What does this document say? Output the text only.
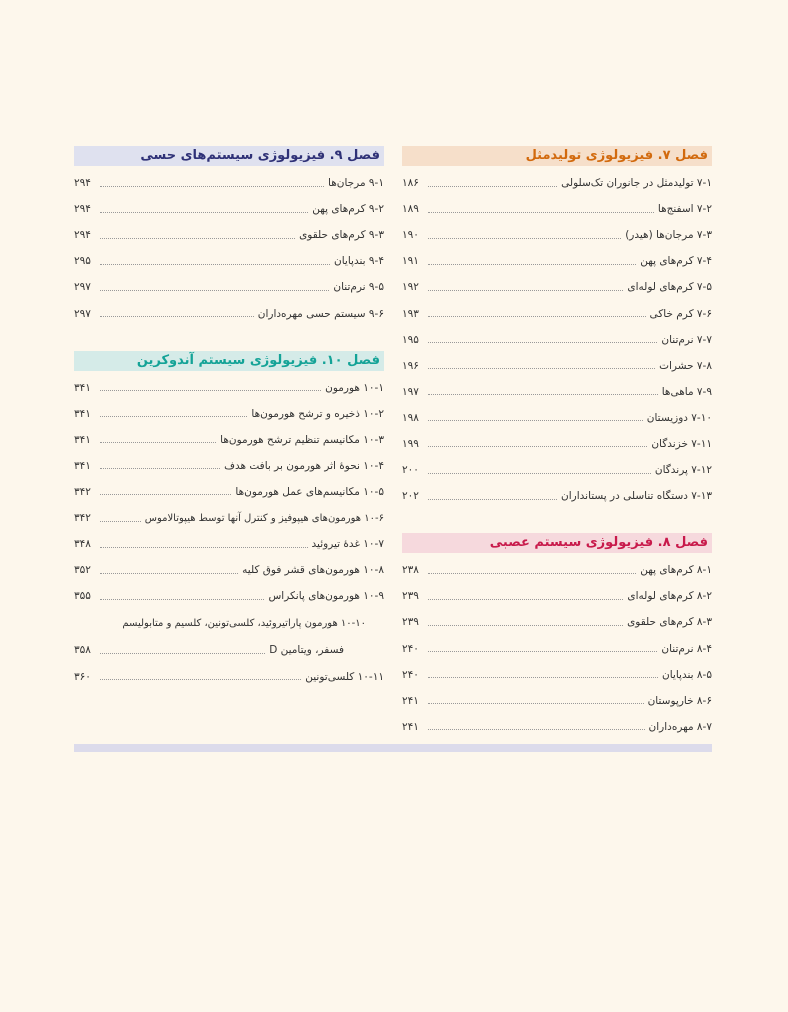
فصل ۷. فیزیولوژی تولیدمثل
۷-۱ تولیدمثل در جانوران تک‌سلولی
۱۸۶
۷-۲ اسفنج‌ها
۱۸۹
۷-۳ مرجان‌ها (هیدر)
۱۹۰
۷-۴ کرم‌های پهن
۱۹۱
۷-۵ کرم‌های لوله‌ای
۱۹۲
۷-۶ کرم خاکی
۱۹۳
۷-۷ نرم‌تنان
۱۹۵
۷-۸ حشرات
۱۹۶
۷-۹ ماهی‌ها
۱۹۷
۷-۱۰ دوزیستان
۱۹۸
۷-۱۱ خزندگان
۱۹۹
۷-۱۲ پرندگان
۲۰۰
۷-۱۳ دستگاه تناسلی در پستانداران
۲۰۲
فصل ۸. فیزیولوژی سیستم عصبی
۸-۱ کرم‌های پهن
۲۳۸
۸-۲ کرم‌های لوله‌ای
۲۳۹
۸-۳ کرم‌های حلقوی
۲۳۹
۸-۴ نرم‌تنان
۲۴۰
۸-۵ بندپایان
۲۴۰
۸-۶ خارپوستان
۲۴۱
۸-۷ مهره‌داران
۲۴۱
فصل ۹. فیزیولوژی سیستم‌های حسی
۹-۱ مرجان‌ها
۲۹۴
۹-۲ کرم‌های پهن
۲۹۴
۹-۳ کرم‌های حلقوی
۲۹۴
۹-۴ بندپایان
۲۹۵
۹-۵ نرم‌تنان
۲۹۷
۹-۶ سیستم حسی مهره‌داران
۲۹۷
فصل ۱۰. فیزیولوژی سیستم آندوکرین
۱۰-۱ هورمون
۳۴۱
۱۰-۲ ذخیره و ترشح هورمون‌ها
۳۴۱
۱۰-۳ مکانیسم تنظیم ترشح هورمون‌ها
۳۴۱
۱۰-۴ نحوهٔ اثر هورمون بر بافت هدف
۳۴۱
۱۰-۵ مکانیسم‌های عمل هورمون‌ها
۳۴۲
۱۰-۶ هورمون‌های هیپوفیز و کنترل آنها توسط هیپوتالاموس
۳۴۲
۱۰-۷ غدهٔ تیروئید
۳۴۸
۱۰-۸ هورمون‌های قشر فوق کلیه
۳۵۲
۱۰-۹ هورمون‌های پانکراس
۳۵۵
۱۰-۱۰ هورمون پاراتیروئید، کلسی‌تونین، کلسیم و متابولیسم
فسفر، ویتامین D
۳۵۸
۱۰-۱۱ کلسی‌تونین
۳۶۰
